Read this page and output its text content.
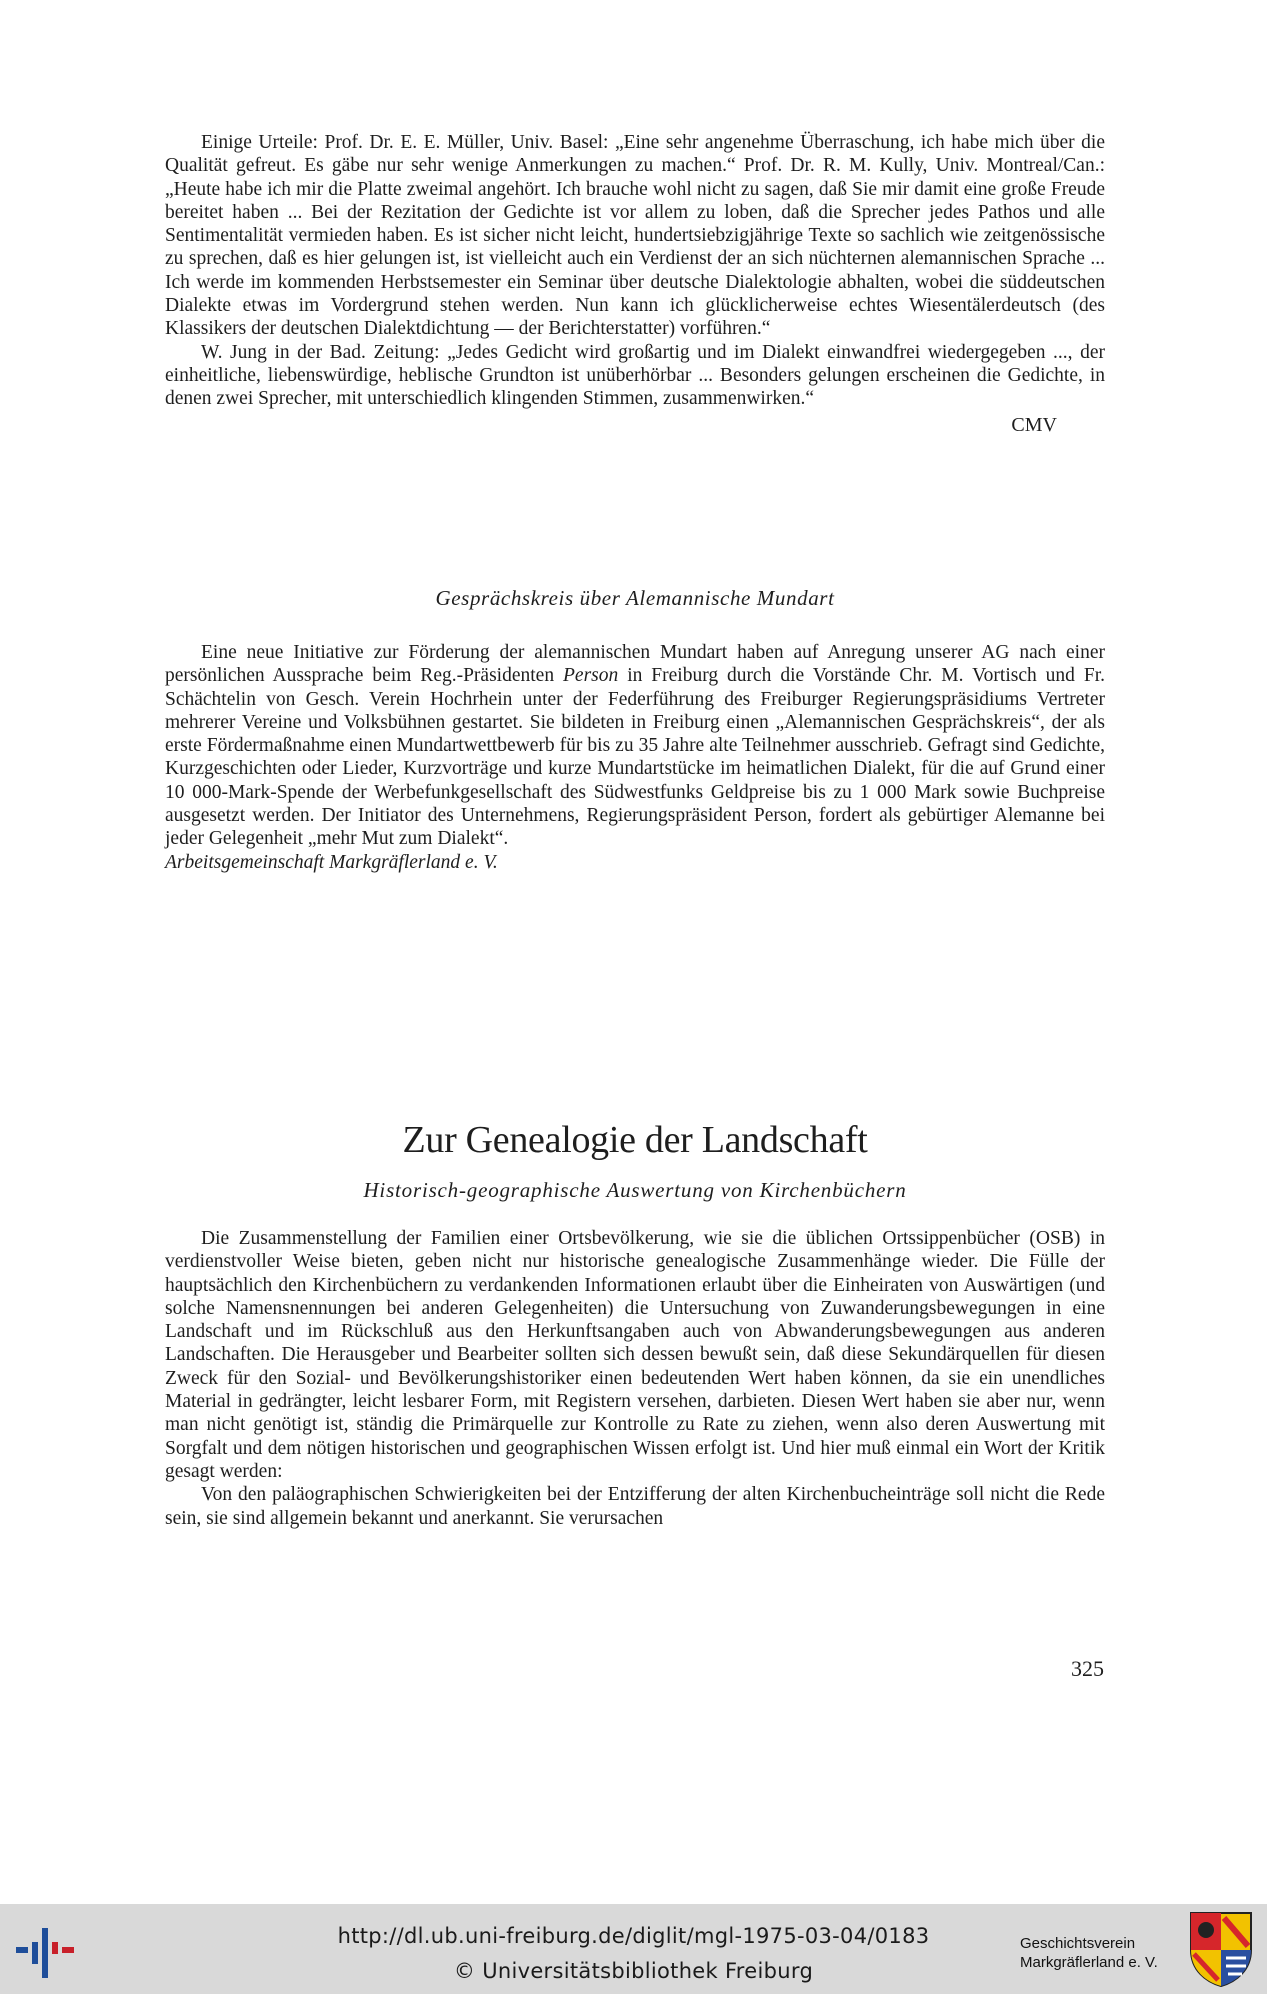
Einige Urteile: Prof. Dr. E. E. Müller, Univ. Basel: „Eine sehr angenehme Überraschung, ich habe mich über die Qualität gefreut. Es gäbe nur sehr wenige Anmerkungen zu machen.“ Prof. Dr. R. M. Kully, Univ. Montreal/Can.: „Heute habe ich mir die Platte zweimal angehört. Ich brauche wohl nicht zu sagen, daß Sie mir damit eine große Freude bereitet haben ... Bei der Rezitation der Gedichte ist vor allem zu loben, daß die Sprecher jedes Pathos und alle Sentimentalität vermieden haben. Es ist sicher nicht leicht, hundertsiebzigjährige Texte so sachlich wie zeitgenössische zu sprechen, daß es hier gelungen ist, ist vielleicht auch ein Verdienst der an sich nüchternen alemannischen Sprache ... Ich werde im kommenden Herbstsemester ein Seminar über deutsche Dialektologie abhalten, wobei die süddeutschen Dialekte etwas im Vordergrund stehen werden. Nun kann ich glücklicherweise echtes Wiesentälerdeutsch (des Klassikers der deutschen Dialektdichtung — der Berichterstatter) vorführen.“

W. Jung in der Bad. Zeitung: „Jedes Gedicht wird großartig und im Dialekt einwandfrei wiedergegeben ..., der einheitliche, liebenswürdige, heblische Grundton ist unüberhörbar ... Besonders gelungen erscheinen die Gedichte, in denen zwei Sprecher, mit unterschiedlich klingenden Stimmen, zusammenwirken.“

CMV

Gesprächskreis über Alemannische Mundart

Eine neue Initiative zur Förderung der alemannischen Mundart haben auf Anregung unserer AG nach einer persönlichen Aussprache beim Reg.-Präsidenten Person in Freiburg durch die Vorstände Chr. M. Vortisch und Fr. Schächtelin von Gesch. Verein Hochrhein unter der Federführung des Freiburger Regierungspräsidiums Vertreter mehrerer Vereine und Volksbühnen gestartet. Sie bildeten in Freiburg einen „Alemannischen Gesprächskreis“, der als erste Fördermaßnahme einen Mundartwettbewerb für bis zu 35 Jahre alte Teilnehmer ausschrieb. Gefragt sind Gedichte, Kurzgeschichten oder Lieder, Kurzvorträge und kurze Mundartstücke im heimatlichen Dialekt, für die auf Grund einer 10 000-Mark-Spende der Werbefunkgesellschaft des Südwestfunks Geldpreise bis zu 1 000 Mark sowie Buchpreise ausgesetzt werden. Der Initiator des Unternehmens, Regierungspräsident Person, fordert als gebürtiger Alemanne bei jeder Gelegenheit „mehr Mut zum Dialekt“.

Arbeitsgemeinschaft Markgräflerland e. V.

Zur Genealogie der Landschaft

Historisch-geographische Auswertung von Kirchenbüchern

Die Zusammenstellung der Familien einer Ortsbevölkerung, wie sie die üblichen Ortssippenbücher (OSB) in verdienstvoller Weise bieten, geben nicht nur historische genealogische Zusammenhänge wieder. Die Fülle der hauptsächlich den Kirchenbüchern zu verdankenden Informationen erlaubt über die Einheiraten von Auswärtigen (und solche Namensnennungen bei anderen Gelegenheiten) die Untersuchung von Zuwanderungsbewegungen in eine Landschaft und im Rückschluß aus den Herkunftsangaben auch von Abwanderungsbewegungen aus anderen Landschaften. Die Herausgeber und Bearbeiter sollten sich dessen bewußt sein, daß diese Sekundärquellen für diesen Zweck für den Sozial- und Bevölkerungshistoriker einen bedeutenden Wert haben können, da sie ein unendliches Material in gedrängter, leicht lesbarer Form, mit Registern versehen, darbieten. Diesen Wert haben sie aber nur, wenn man nicht genötigt ist, ständig die Primärquelle zur Kontrolle zu Rate zu ziehen, wenn also deren Auswertung mit Sorgfalt und dem nötigen historischen und geographischen Wissen erfolgt ist. Und hier muß einmal ein Wort der Kritik gesagt werden:

Von den paläographischen Schwierigkeiten bei der Entzifferung der alten Kirchenbucheinträge soll nicht die Rede sein, sie sind allgemein bekannt und anerkannt. Sie verursachen

325
http://dl.ub.uni-freiburg.de/diglit/mgl-1975-03-04/0183
© Universitätsbibliothek Freiburg
Geschichtsverein
Markgräflerland e. V.
